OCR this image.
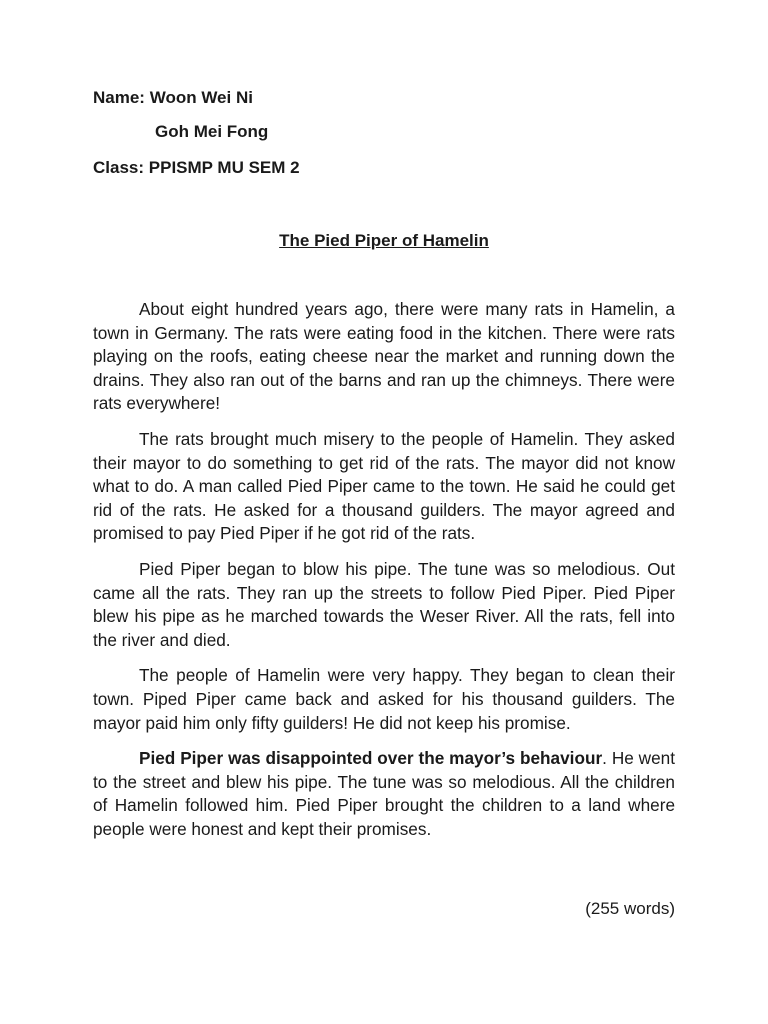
Name: Woon Wei Ni
Goh Mei Fong
Class: PPISMP MU SEM 2
The Pied Piper of Hamelin

About eight hundred years ago, there were many rats in Hamelin, a town in Germany. The rats were eating food in the kitchen. There were rats playing on the roofs, eating cheese near the market and running down the drains. They also ran out of the barns and ran up the chimneys. There were rats everywhere!

The rats brought much misery to the people of Hamelin. They asked their mayor to do something to get rid of the rats. The mayor did not know what to do. A man called Pied Piper came to the town. He said he could get rid of the rats. He asked for a thousand guilders. The mayor agreed and promised to pay Pied Piper if he got rid of the rats.

Pied Piper began to blow his pipe. The tune was so melodious. Out came all the rats. They ran up the streets to follow Pied Piper. Pied Piper blew his pipe as he marched towards the Weser River. All the rats, fell into the river and died.

The people of Hamelin were very happy. They began to clean their town. Piped Piper came back and asked for his thousand guilders. The mayor paid him only fifty guilders! He did not keep his promise.

Pied Piper was disappointed over the mayor’s behaviour. He went to the street and blew his pipe. The tune was so melodious. All the children of Hamelin followed him. Pied Piper brought the children to a land where people were honest and kept their promises.

(255 words)
